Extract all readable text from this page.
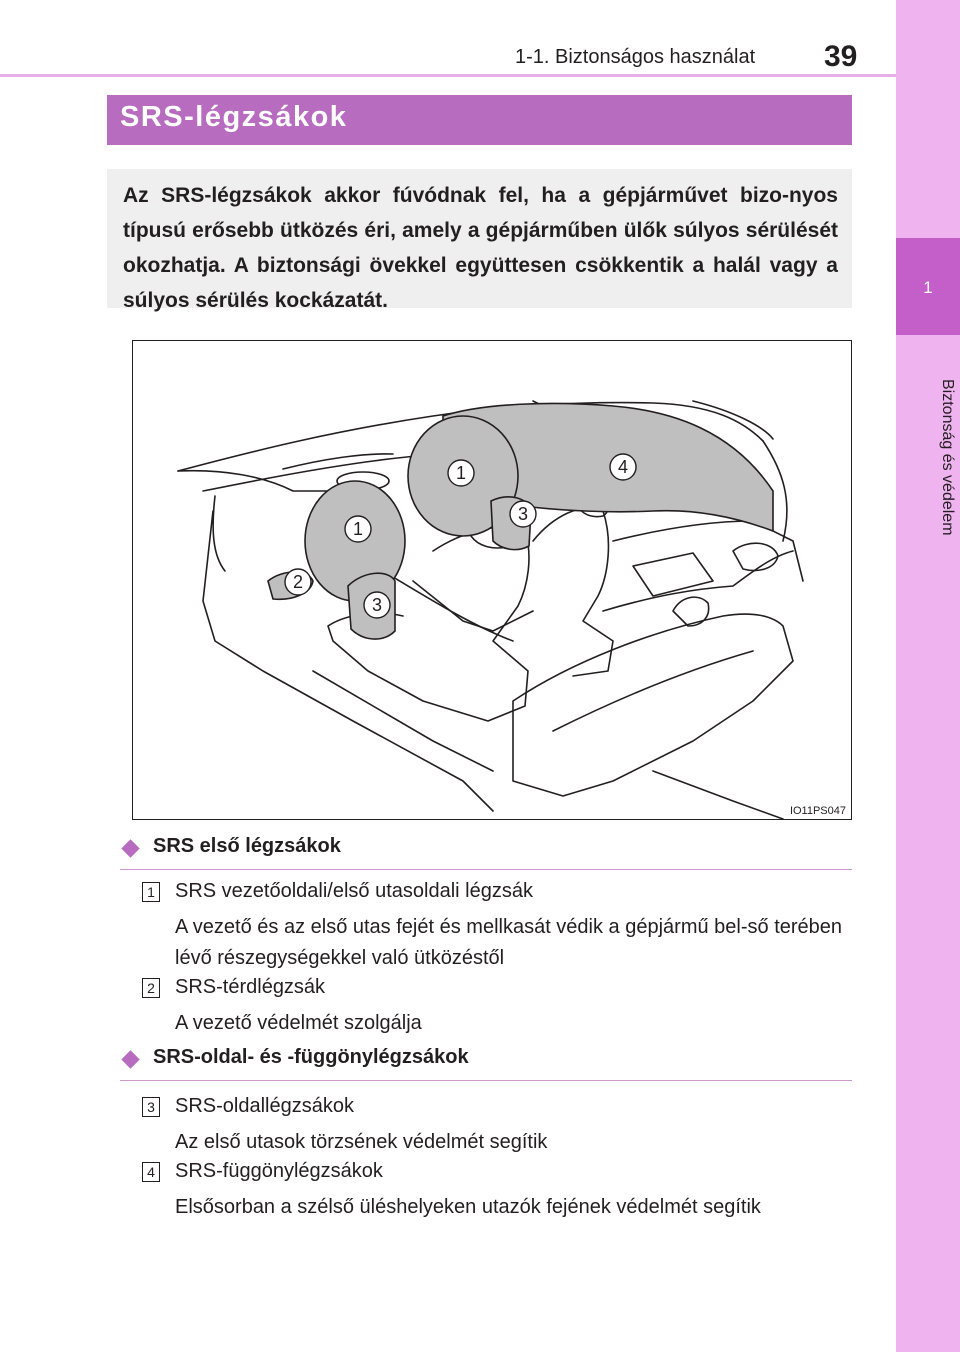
1-1. Biztonságos használat 39
1
Biztonság és védelem
SRS-légzsákok

Az SRS-légzsákok akkor fúvódnak fel, ha a gépjárművet bizo-nyos típusú erősebb ütközés éri, amely a gépjárműben ülők súlyos sérülését okozhatja. A biztonsági övekkel együttesen csökkentik a halál vagy a súlyos sérülés kockázatát.

1
1
2
3
3
4
IO11PS047
SRS első légzsákok
1 SRS vezetőoldali/első utasoldali légzsák
A vezető és az első utas fejét és mellkasát védik a gépjármű bel-ső terében lévő részegységekkel való ütközéstől
2 SRS-térdlégzsák
A vezető védelmét szolgálja
SRS-oldal- és -függönylégzsákok
3 SRS-oldallégzsákok
Az első utasok törzsének védelmét segítik
4 SRS-függönylégzsákok
Elsősorban a szélső üléshelyeken utazók fejének védelmét segítik
